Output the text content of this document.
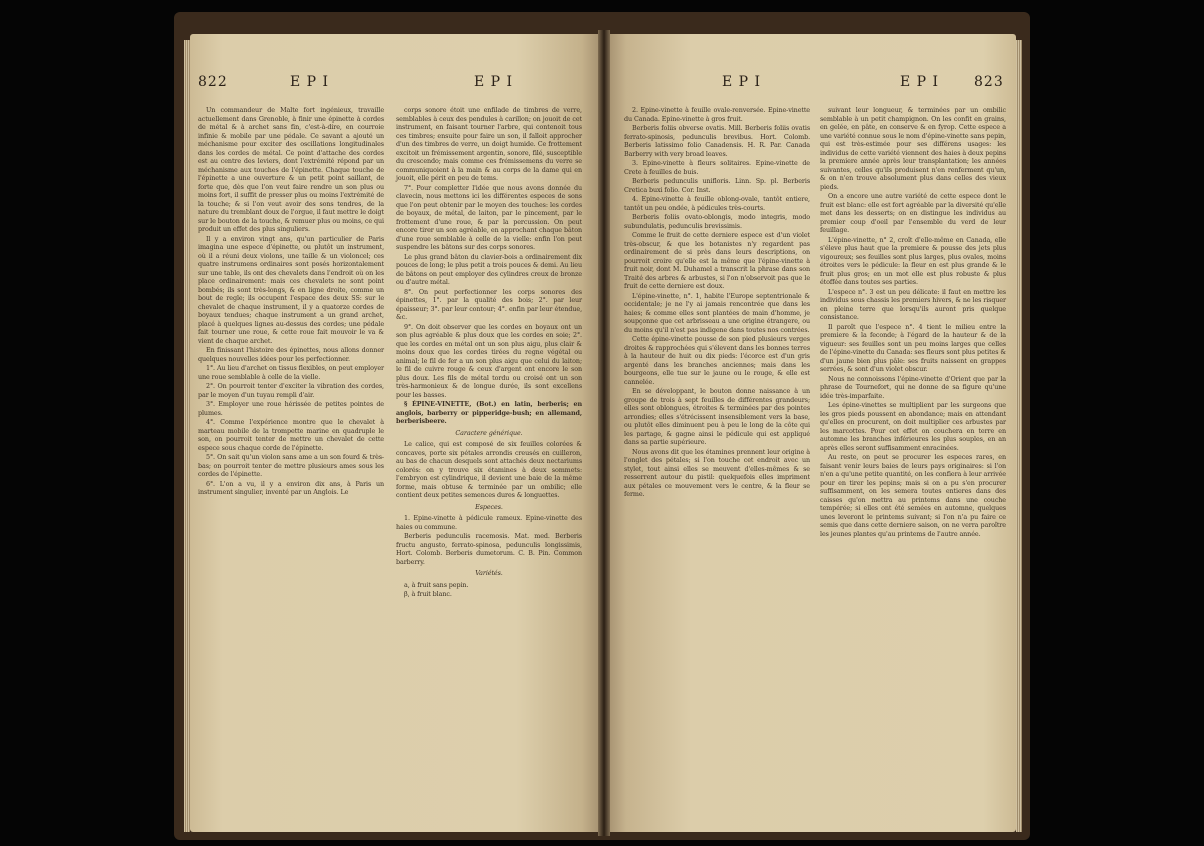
822	E P I	E P I

Un commandeur de Malte fort ingénieux, travaille actuellement dans Grenoble, à finir une épinette à cordes de métal & à archet sans fin, c'est-à-dire, en courroie infinie & mobile par une pédale. Ce savant a ajouté un méchanisme pour exciter des oscillations longitudinales dans les cordes de métal. Ce point d'attache des cordes est au centre des leviers, dont l'extrémité répond par un méchanisme aux touches de l'épinette. Chaque touche de l'épinette a une ouverture & un petit point saillant, de forte que, dès que l'on veut faire rendre un son plus ou moins fort, il suffit de presser plus ou moins l'extrémité de la touche; & si l'on veut avoir des sons tendres, de la nature du tremblant doux de l'orgue, il faut mettre le doigt sur le bouton de la touche, & remuer plus ou moins, ce qui produit un effet des plus singuliers.

Il y a environ vingt ans, qu'un particulier de Paris imagina une espece d'épinette, ou plutôt un instrument, où il a réuni deux violons, une taille & un violoncel; ces quatre instrumens ordinaires sont posés horizontalement sur une table, ils ont des chevalets dans l'endroit où on les place ordinairement: mais ces chevalets ne sont point bombés; ils sont très-longs, & en ligne droite, comme un bout de regle; ils occupent l'espace des deux SS: sur le chevalet de chaque instrument, il y a quatorze cordes de boyaux tendues; chaque instrument a un grand archet, placé à quelques lignes au-dessus des cordes; une pédale fait tourner une roue, & cette roue fait mouvoir le va & vient de chaque archet.

En finissant l'histoire des épinettes, nous allons donner quelques nouvelles idées pour les perfectionner.

1°. Au lieu d'archet on tissus flexibles, on peut employer une roue semblable à celle de la vielle.

2°. On pourroit tenter d'exciter la vibration des cordes, par le moyen d'un tuyau rempli d'air.

3°. Employer une roue hérissée de petites pointes de plumes.

4°. Comme l'expérience montre que le chevalet à marteau mobile de la trompette marine en quadruple le son, on pourroit tenter de mettre un chevalet de cette espece sous chaque corde de l'épinette.

5°. On sait qu'un violon sans ame a un son fourd & très-bas; on pourroit tenter de mettre plusieurs ames sous les cordes de l'épinette.

6°. L'on a vu, il y a environ dix ans, à Paris un instrument singulier, inventé par un Anglois. Le

corps sonore étoit une enfilade de timbres de verre, semblables à ceux des pendules à carillon; on jouoit de cet instrument, en faisant tourner l'arbre, qui contenoit tous ces timbres; ensuite pour faire un son, il falloit approcher d'un des timbres de verre, un doigt humide. Ce frottement excitoit un frémissement argentin, sonore, filé, susceptible du crescendo; mais comme ces frémissemens du verre se communiquoient à la main & au corps de la dame qui en jouoit, elle périt en peu de tems.

7°. Pour completter l'idée que nous avons donnée du clavecin, nous mettons ici les différentes especes de sons que l'on peut obtenir par le moyen des touches: les cordes de boyaux, de métal, de laiton, par le pincement, par le frottement d'une roue, & par la percussion. On peut encore tirer un son agréable, en approchant chaque bâton d'une roue semblable à celle de la vielle: enfin l'on peut suspendre les bâtons sur des corps sonores.

Le plus grand bâton du clavier-bois a ordinairement dix pouces de long; le plus petit a trois pouces & demi. Au lieu de bâtons on peut employer des cylindres creux de bronze ou d'autre métal.

8°. On peut perfectionner les corps sonores des épinettes, 1°. par la qualité des bois; 2°. par leur épaisseur; 3°. par leur contour; 4°. enfin par leur étendue, &c.

9°. On doit observer que les cordes en boyaux ont un son plus agréable & plus doux que les cordes en soie; 2°. que les cordes en métal ont un son plus aigu, plus clair & moins doux que les cordes tirées du regne végétal ou animal; le fil de fer a un son plus aigu que celui du laiton; le fil de cuivre rouge & ceux d'argent ont encore le son plus doux. Les fils de métal tordu ou croisé ont un son très-harmonieux & de longue durée, ils sont excellens pour les basses.

§ ÉPINE-VINETTE, (Bot.) en latin, berberis; en anglois, barberry or pipperidge-bush; en allemand, berberisbeere.

Caractere générique.

Le calice, qui est composé de six feuilles colorées & concaves, porte six pétales arrondis creusés en cuilleron, au bas de chacun desquels sont attachés deux nectariums colorés: on y trouve six étamines à deux sommets: l'embryon est cylindrique, il devient une baie de la même forme, mais obtuse & terminée par un ombilic; elle contient deux petites semences dures & longuettes.

Especes.

1. Epine-vinette à pédicule rameux. Epine-vinette des haies ou commune.

Berberis pedunculis racemosis. Mat. med. Berberis fructu angusto, ferrato-spinosa, pedunculis longissimis, Hort. Colomb. Berberis dumetorum. C. B. Pin. Common barberry.

Variétés.

a, à fruit sans pepin.

β, à fruit blanc.

E P I	E P I 823

2. Epine-vinette à feuille ovale-renversée. Epine-vinette du Canada. Epine-vinette à gros fruit.

Berberis foliis obverse ovatis. Mill. Berberis foliis ovatis ferrato-spinosis, pedunculis brevibus. Hort. Colomb. Berberis latissimo folio Canadensis. H. R. Par. Canada Barberry with very broad leaves.

3. Epine-vinette à fleurs solitaires. Epine-vinette de Crete à feuilles de buis.

Berberis pedunculis unifloris. Linn. Sp. pl. Berberis Cretica buxi folio. Cor. Inst.

4. Epine-vinette à feuille oblong-ovale, tantôt entiere, tantôt un peu ondée, à pédicules très-courts.

Berberis foliis ovato-oblongis, modo integris, modo subundulatis, pedunculis brevissimis.

Comme le fruit de cette derniere espece est d'un violet très-obscur, & que les botanistes n'y regardent pas ordinairement de si près dans leurs descriptions, on pourroit croire qu'elle est la même que l'épine-vinette à fruit noir, dont M. Duhamel a transcrit la phrase dans son Traité des arbres & arbustes, si l'on n'observoit pas que le fruit de cette derniere est doux.

L'épine-vinette, n°. 1, habite l'Europe septentrionale & occidentale; je ne l'y ai jamais rencontrée que dans les haies; & comme elles sont plantées de main d'homme, je soupçonne que cet arbrisseau a une origine étrangere, ou du moins qu'il n'est pas indigene dans toutes nos contrées.

Cette épine-vinette pousse de son pied plusieurs verges droites & rapprochées qui s'élevent dans les bonnes terres à la hauteur de huit ou dix pieds: l'écorce est d'un gris argenté dans les branches anciennes; mais dans les bourgeons, elle tue sur le jaune ou le rouge, & elle est cannelée.

En se développant, le bouton donne naissance à un groupe de trois à sept feuilles de différentes grandeurs; elles sont oblongues, étroites & terminées par des pointes arrondies; elles s'étrécissent insensiblement vers la base, ou plutôt elles diminuent peu à peu le long de la côte qui les partage, & gagne ainsi le pédicule qui est appliqué dans sa partie supérieure.

Nous avons dit que les étamines prennent leur origine à l'onglet des pétales; si l'on touche cet endroit avec un stylet, tout ainsi elles se meuvent d'elles-mêmes & se resserrent autour du pistil: quelquefois elles impriment aux pétales ce mouvement vers le centre, & la fleur se ferme.

suivant leur longueur, & terminées par un ombilic semblable à un petit champignon. On les confit en grains, en gelée, en pâte, en conserve & en fyrop. Cette espece a une variété connue sous le nom d'épine-vinette sans pepin, qui est très-estimée pour ses différens usages: les individus de cette variété viennent des haies à deux pepins la premiere année après leur transplantation; les années suivantes, celles qu'ils produisent n'en renferment qu'un, & on n'en trouve absolument plus dans celles des vieux pieds.

On a encore une autre variété de cette espece dont le fruit est blanc: elle est fort agréable par la diversité qu'elle met dans les desserts; on en distingue les individus au premier coup d'oeil par l'ensemble du verd de leur feuillage.

L'épine-vinette, n° 2, croît d'elle-même en Canada, elle s'éleve plus haut que la premiere & pousse des jets plus vigoureux; ses feuilles sont plus larges, plus ovales, moins étroites vers le pédicule: la fleur en est plus grande & le fruit plus gros; en un mot elle est plus robuste & plus étoffée dans toutes ses parties.

L'espece n°. 3 est un peu délicate: il faut en mettre les individus sous chassis les premiers hivers, & ne les risquer en pleine terre que lorsqu'ils auront pris quelque consistance.

Il paroît que l'espece n°. 4 tient le milieu entre la premiere & la feconde; à l'égard de la hauteur & de la vigueur: ses feuilles sont un peu moins larges que celles de l'épine-vinette du Canada: ses fleurs sont plus petites & d'un jaune bien plus pâle: ses fruits naissent en grappes serrées, & sont d'un violet obscur.

Nous ne connoissons l'épine-vinette d'Orient que par la phrase de Tournefort, qui ne donne de sa figure qu'une idée très-imparfaite.

Les épine-vinettes se multiplient par les surgeons que les gros pieds poussent en abondance; mais en attendant qu'elles en procurent, on doit multiplier ces arbustes par les marcottes. Pour cet effet on couchera en terre en automne les branches inférieures les plus souples, en an après elles seront suffisamment enracinées.

Au reste, on peut se procurer les especes rares, en faisant venir leurs baies de leurs pays originaires: si l'on n'en a qu'une petite quantité, on les confiera à leur arrivée pour en tirer les pepins; mais si on a pu s'en procurer suffisamment, on les semera toutes entieres dans des caisses qu'on mettra au printems dans une couche tempérée; si elles ont été semées en automne, quelques unes leveront le printems suivant; si l'on n'a pu faire ce semis que dans cette derniere saison, on ne verra paroître les jeunes plantes qu'au printems de l'autre année.
